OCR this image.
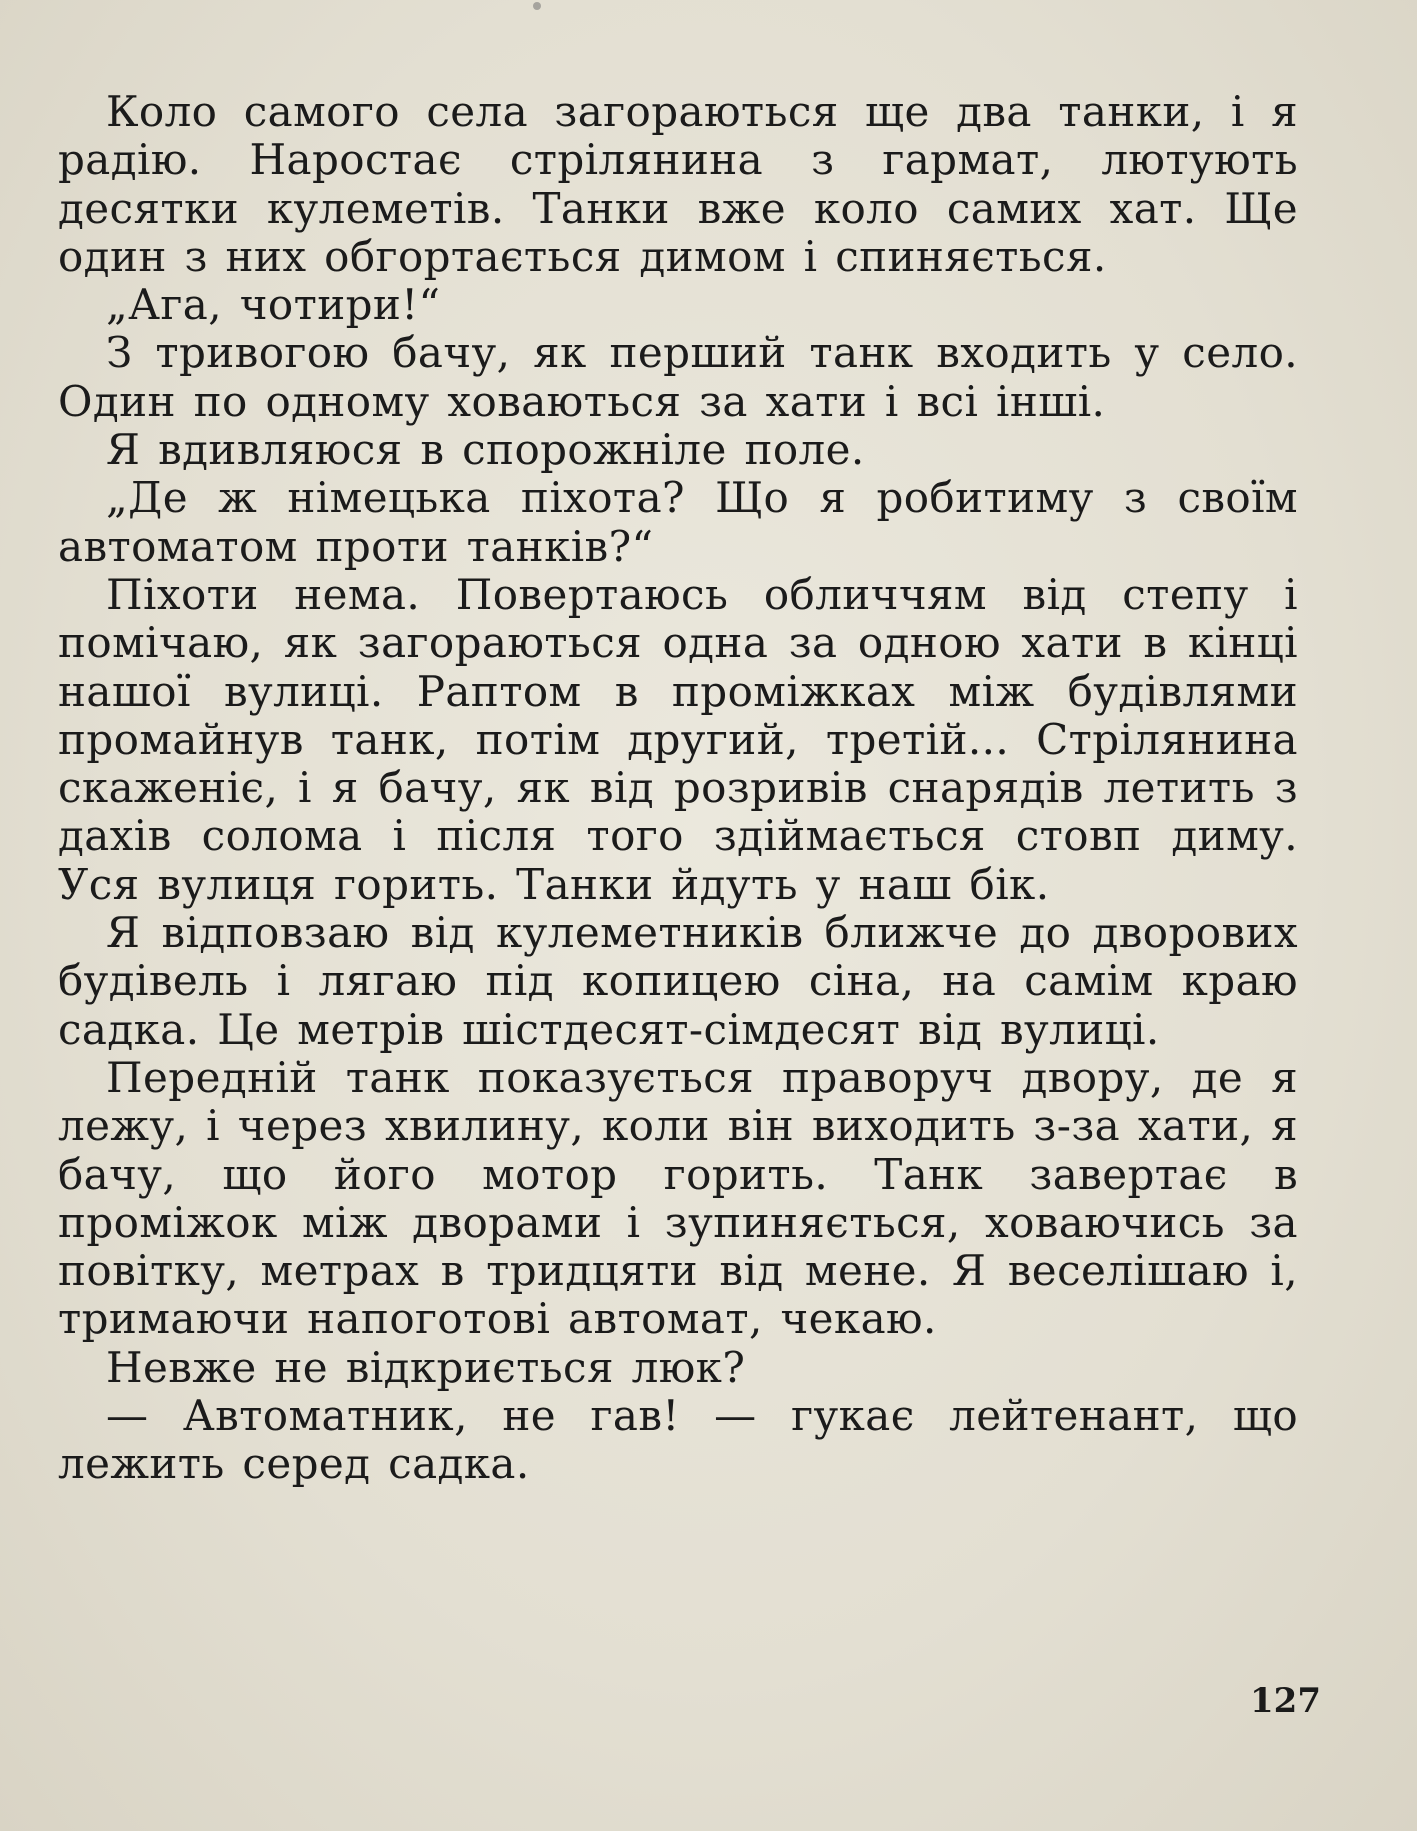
Коло самого села загораються ще два танки, і я радію. Наростає стрілянина з гармат, лютують десятки кулеметів. Танки вже коло самих хат. Ще один з них обгортається димом і спиняється.

„Ага, чотири!“

З тривогою бачу, як перший танк входить у село. Один по одному ховаються за хати і всі інші.

Я вдивляюся в спорожніле поле.

„Де ж німецька піхота? Що я робитиму з своїм автоматом проти танків?“

Піхоти нема. Повертаюсь обличчям від степу і помічаю, як загораються одна за одною хати в кінці нашої вулиці. Раптом в проміжках між будівлями промайнув танк, потім другий, третій... Стрілянина скаженіє, і я бачу, як від розривів снарядів летить з дахів солома і після того здіймається стовп диму. Уся вулиця горить. Танки йдуть у наш бік.

Я відповзаю від кулеметників ближче до дворових будівель і лягаю під копицею сіна, на самім краю садка. Це метрів шістдесят-сімдесят від вулиці.

Передній танк показується праворуч двору, де я лежу, і через хвилину, коли він виходить з-за хати, я бачу, що його мотор горить. Танк завертає в проміжок між дворами і зупиняється, ховаючись за повітку, метрах в тридцяти від мене. Я веселішаю і, тримаючи напоготові автомат, чекаю.

Невже не відкриється люк?

— Автоматник, не гав! — гукає лейтенант, що лежить серед садка.

127
